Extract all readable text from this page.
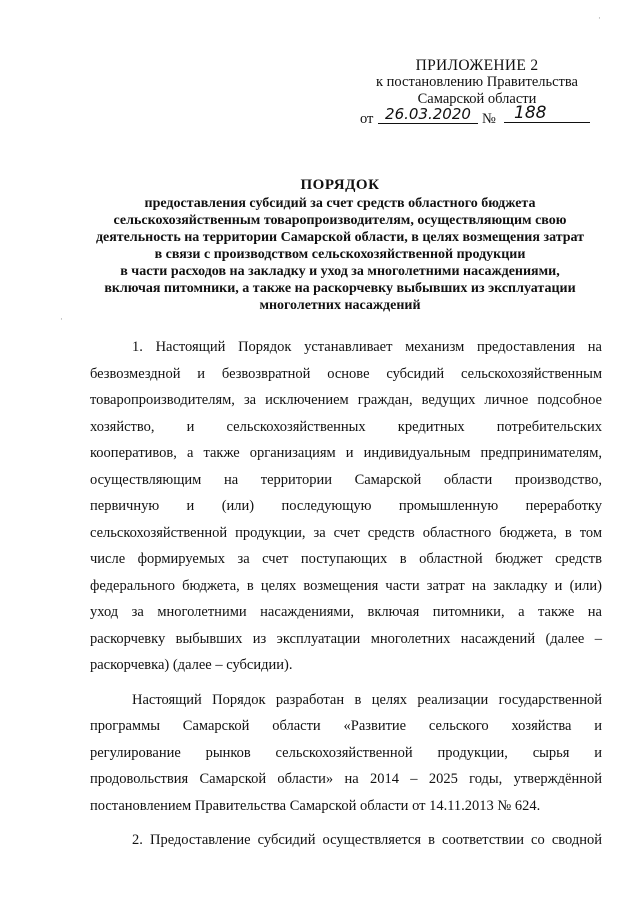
ПРИЛОЖЕНИЕ 2
к постановлению Правительства
Самарской области
от 26.03.2020 №	188
ПОРЯДОК
предоставления субсидий за счет средств областного бюджета
сельскохозяйственным товаропроизводителям, осуществляющим свою
деятельность на территории Самарской области, в целях возмещения затрат
в связи с производством сельскохозяйственной продукции
в части расходов на закладку и уход за многолетними насаждениями,
включая питомники, а также на раскорчевку выбывших из эксплуатации
многолетних насаждений
1. Настоящий Порядок устанавливает механизм предоставления на
безвозмездной и безвозвратной основе субсидий сельскохозяйственным
товаропроизводителям, за исключением граждан, ведущих личное подсобное
хозяйство, и сельскохозяйственных кредитных потребительских
кооперативов, а также организациям и индивидуальным предпринимателям,
осуществляющим на территории Самарской области производство,
первичную и (или) последующую промышленную переработку
сельскохозяйственной продукции, за счет средств областного бюджета, в том
числе формируемых за счет поступающих в областной бюджет средств
федерального бюджета, в целях возмещения части затрат на закладку и (или)
уход за многолетними насаждениями, включая питомники, а также на
раскорчевку выбывших из эксплуатации многолетних насаждений (далее –
раскорчевка) (далее – субсидии).
Настоящий Порядок разработан в целях реализации государственной
программы Самарской области «Развитие сельского хозяйства и
регулирование рынков сельскохозяйственной продукции, сырья и
продовольствия Самарской области» на 2014 – 2025 годы, утверждённой
постановлением Правительства Самарской области от 14.11.2013 № 624.
2. Предоставление субсидий осуществляется в соответствии со сводной
·
·
